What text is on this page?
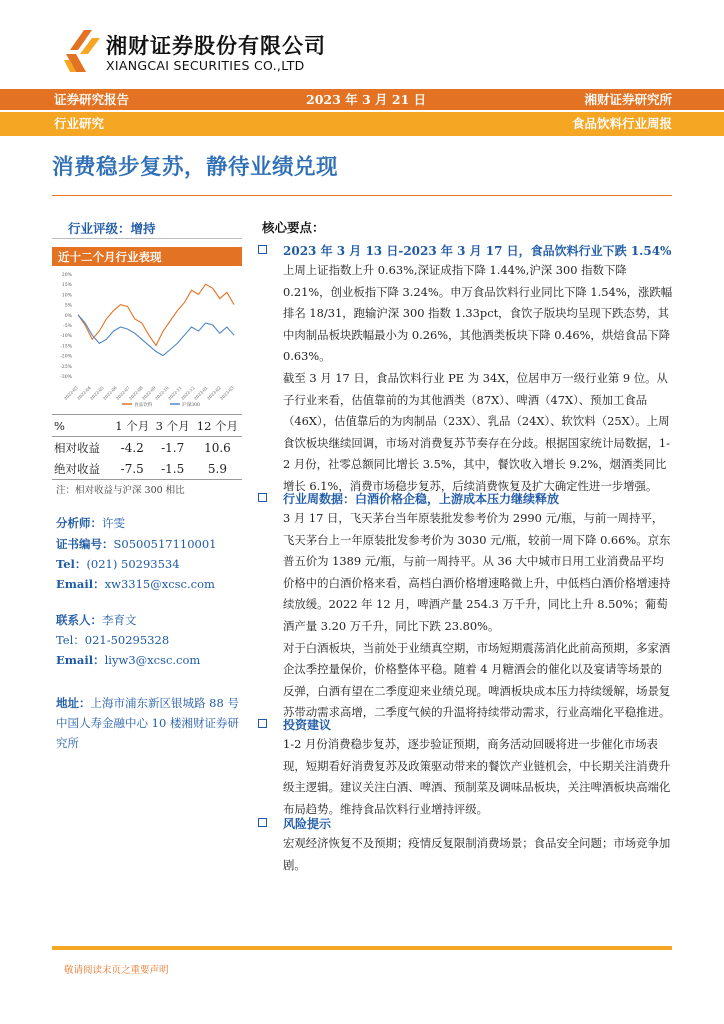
湘财证券股份有限公司
XIANGCAI SECURITIES CO.,LTD
证券研究报告	2023 年 3 月 21 日	湘财证券研究所
行业研究	食品饮料行业周报
消费稳步复苏，静待业绩兑现
行业评级：增持
近十二个月行业表现
20%
15%
10%
5%
0%
-5%
-10%
-15%
-20%
-25%
-30%
2022-03
2022-04
2022-05
2022-06
2022-07
2022-08
2022-09
2022-10
2022-11
2022-12
2023-01
2023-02
2023-03
食品饮料	沪深300
%	1 个月	3 个月	12 个月
相对收益	-4.2	-1.7	10.6
绝对收益	-7.5	-1.5	5.9
注：相对收益与沪深 300 相比
分析师：许雯
证书编号：S0500517110001
Tel：(021) 50293534
Email：xw3315@xcsc.com
联系人：李育文
Tel：021-50295328
Email：liyw3@xcsc.com
地址：上海市浦东新区银城路 88 号
中国人寿金融中心 10 楼湘财证券研
究所
核心要点：
2023 年 3 月 13 日-2023 年 3 月 17 日，食品饮料行业下跌 1.54%

上周上证指数上升 0.63%,深证成指下降 1.44%,沪深 300 指数下降 0.21%，创业板指下降 3.24%。申万食品饮料行业同比下降 1.54%，涨跌幅排名 18/31，跑输沪深 300 指数 1.33pct，食饮子版块均呈现下跌态势，其中肉制品板块跌幅最小为 0.26%，其他酒类板块下降 0.46%，烘焙食品下降 0.63%。

截至 3 月 17 日，食品饮料行业 PE 为 34X，位居申万一级行业第 9 位。从子行业来看，估值靠前的为其他酒类（87X）、啤酒（47X）、预加工食品（46X），估值靠后的为肉制品（23X）、乳品（24X）、软饮料（25X）。上周食饮板块继续回调，市场对消费复苏节奏存在分歧。根据国家统计局数据，1-2 月份，社零总额同比增长 3.5%，其中，餐饮收入增长 9.2%，烟酒类同比增长 6.1%，消费市场稳步复苏，后续消费恢复及扩大确定性进一步增强。

行业周数据：白酒价格企稳，上游成本压力继续释放

3 月 17 日，飞天茅台当年原装批发参考价为 2990 元/瓶，与前一周持平，飞天茅台上一年原装批发参考价为 3030 元/瓶，较前一周下降 0.66%。京东普五价为 1389 元/瓶，与前一周持平。从 36 大中城市日用工业消费品平均价格中的白酒价格来看，高档白酒价格增速略微上升，中低档白酒价格增速持续放缓。2022 年 12 月，啤酒产量 254.3 万千升，同比上升 8.50%；葡萄酒产量 3.20 万千升，同比下跌 23.80%。

对于白酒板块，当前处于业绩真空期，市场短期震荡消化此前高预期，多家酒企汰季控量保价，价格整体平稳。随着 4 月糖酒会的催化以及宴请等场景的反弹，白酒有望在二季度迎来业绩兑现。啤酒板块成本压力持续缓解，场景复苏带动需求高增，二季度气候的升温将持续带动需求，行业高端化平稳推进。

投资建议

1-2 月份消费稳步复苏，逐步验证预期，商务活动回暖将进一步催化市场表现，短期看好消费复苏及政策驱动带来的餐饮产业链机会，中长期关注消费升级主逻辑。建议关注白酒、啤酒、预制菜及调味品板块，关注啤酒板块高端化布局趋势。维持食品饮料行业增持评级。

风险提示

宏观经济恢复不及预期；疫情反复限制消费场景；食品安全问题；市场竞争加剧。

敬请阅读末页之重要声明
